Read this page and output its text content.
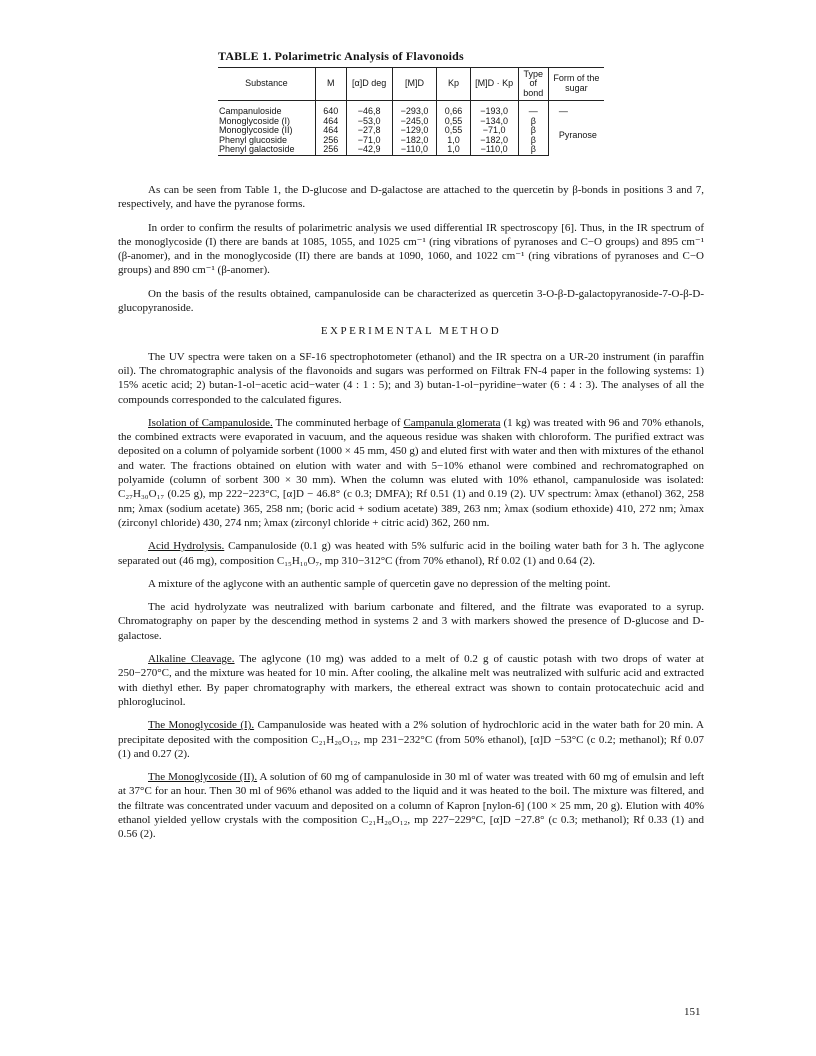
TABLE 1. Polarimetric Analysis of Flavonoids
Substance	M	[α]D deg	[M]D	Kp	[M]D · Kp	Type of bond	Form of the sugar
Campanuloside	640	−46,8	−293,0	0,66	−193,0	—	—
Monoglycoside (I)	464	−53,0	−245,0	0,55	−134,0	β	Pyranose
Monoglycoside (II)	464	−27,8	−129,0	0,55	−71,0	β	
Phenyl glucoside	256	−71,0	−182,0	1,0	−182,0	β	
Phenyl galactoside	256	−42,9	−110,0	1,0	−110,0	β	

As can be seen from Table 1, the D-glucose and D-galactose are attached to the quercetin by β-bonds in positions 3 and 7, respectively, and have the pyranose forms.

In order to confirm the results of polarimetric analysis we used differential IR spectroscopy [6]. Thus, in the IR spectrum of the monoglycoside (I) there are bands at 1085, 1055, and 1025 cm⁻¹ (ring vibrations of pyranoses and C−O groups) and 895 cm⁻¹ (β-anomer), and in the monoglycoside (II) there are bands at 1090, 1060, and 1022 cm⁻¹ (ring vibrations of pyranoses and C−O groups) and 890 cm⁻¹ (β-anomer).

On the basis of the results obtained, campanuloside can be characterized as quercetin 3-O-β-D-galactopyranoside-7-O-β-D-glucopyranoside.

EXPERIMENTAL METHOD

The UV spectra were taken on a SF-16 spectrophotometer (ethanol) and the IR spectra on a UR-20 instrument (in paraffin oil). The chromatographic analysis of the flavonoids and sugars was performed on Filtrak FN-4 paper in the following systems: 1) 15% acetic acid; 2) butan-1-ol−acetic acid−water (4 : 1 : 5); and 3) butan-1-ol−pyridine−water (6 : 4 : 3). The analyses of all the compounds corresponded to the calculated figures.

Isolation of Campanuloside. The comminuted herbage of Campanula glomerata (1 kg) was treated with 96 and 70% ethanols, the combined extracts were evaporated in vacuum, and the aqueous residue was shaken with chloroform. The purified extract was deposited on a column of polyamide sorbent (1000 × 45 mm, 450 g) and eluted first with water and then with mixtures of the ethanol and water. The fractions obtained on elution with water and with 5−10% ethanol were combined and rechromatographed on polyamide (column of sorbent 300 × 30 mm). When the column was eluted with 10% ethanol, campanuloside was isolated: C₂₇H₃₀O₁₇ (0.25 g), mp 222−223°C, [α]D − 46.8° (c 0.3; DMFA); Rf 0.51 (1) and 0.19 (2). UV spectrum: λmax (ethanol) 362, 258 nm; λmax (sodium acetate) 365, 258 nm; (boric acid + sodium acetate) 389, 263 nm; λmax (sodium ethoxide) 410, 272 nm; λmax (zirconyl chloride) 430, 274 nm; λmax (zirconyl chloride + citric acid) 362, 260 nm.

Acid Hydrolysis. Campanuloside (0.1 g) was heated with 5% sulfuric acid in the boiling water bath for 3 h. The aglycone separated out (46 mg), composition C₁₅H₁₀O₇, mp 310−312°C (from 70% ethanol), Rf 0.02 (1) and 0.64 (2).

A mixture of the aglycone with an authentic sample of quercetin gave no depression of the melting point.

The acid hydrolyzate was neutralized with barium carbonate and filtered, and the filtrate was evaporated to a syrup. Chromatography on paper by the descending method in systems 2 and 3 with markers showed the presence of D-glucose and D-galactose.

Alkaline Cleavage. The aglycone (10 mg) was added to a melt of 0.2 g of caustic potash with two drops of water at 250−270°C, and the mixture was heated for 10 min. After cooling, the alkaline melt was neutralized with sulfuric acid and extracted with diethyl ether. By paper chromatography with markers, the ethereal extract was shown to contain protocatechuic acid and phloroglucinol.

The Monoglycoside (I). Campanuloside was heated with a 2% solution of hydrochloric acid in the water bath for 20 min. A precipitate deposited with the composition C₂₁H₂₀O₁₂, mp 231−232°C (from 50% ethanol), [α]D −53°C (c 0.2; methanol); Rf 0.07 (1) and 0.27 (2).

The Monoglycoside (II). A solution of 60 mg of campanuloside in 30 ml of water was treated with 60 mg of emulsin and left at 37°C for an hour. Then 30 ml of 96% ethanol was added to the liquid and it was heated to the boil. The mixture was filtered, and the filtrate was concentrated under vacuum and deposited on a column of Kapron [nylon-6] (100 × 25 mm, 20 g). Elution with 40% ethanol yielded yellow crystals with the composition C₂₁H₂₀O₁₂, mp 227−229°C, [α]D −27.8° (c 0.3; methanol); Rf 0.33 (1) and 0.56 (2).

151
